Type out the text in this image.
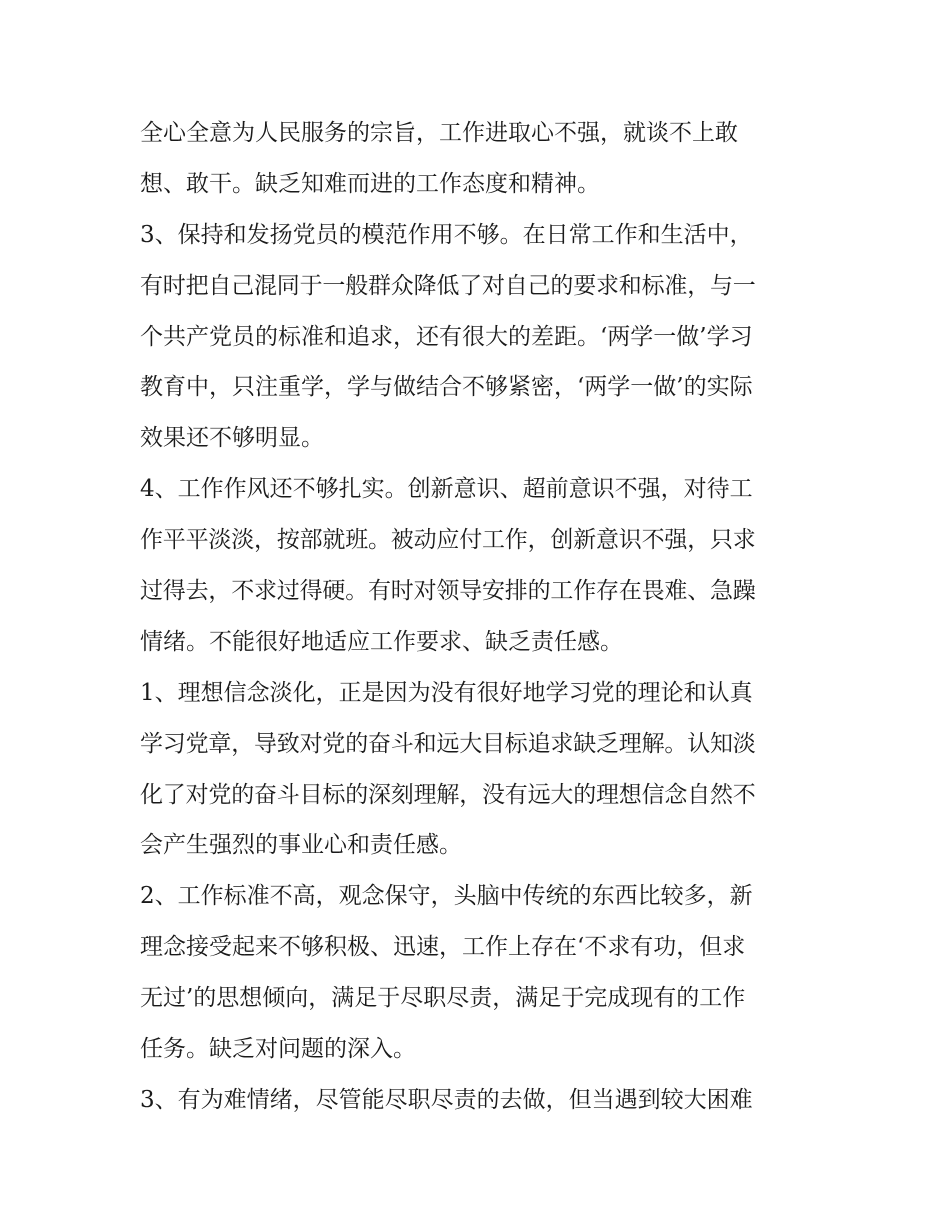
全心全意为人民服务的宗旨，工作进取心不强，就谈不上敢
想、敢干。缺乏知难而进的工作态度和精神。
3、保持和发扬党员的模范作用不够。在日常工作和生活中，
有时把自己混同于一般群众降低了对自己的要求和标准，与一
个共产党员的标准和追求，还有很大的差距。‘两学一做’学习
教育中，只注重学，学与做结合不够紧密，‘两学一做’的实际
效果还不够明显。
4、工作作风还不够扎实。创新意识、超前意识不强，对待工
作平平淡淡，按部就班。被动应付工作，创新意识不强，只求
过得去，不求过得硬。有时对领导安排的工作存在畏难、急躁
情绪。不能很好地适应工作要求、缺乏责任感。
1、理想信念淡化，正是因为没有很好地学习党的理论和认真
学习党章，导致对党的奋斗和远大目标追求缺乏理解。认知淡
化了对党的奋斗目标的深刻理解，没有远大的理想信念自然不
会产生强烈的事业心和责任感。
2、工作标准不高，观念保守，头脑中传统的东西比较多，新
理念接受起来不够积极、迅速，工作上存在‘不求有功，但求
无过’的思想倾向，满足于尽职尽责，满足于完成现有的工作
任务。缺乏对问题的深入。
3、有为难情绪，尽管能尽职尽责的去做，但当遇到较大困难
